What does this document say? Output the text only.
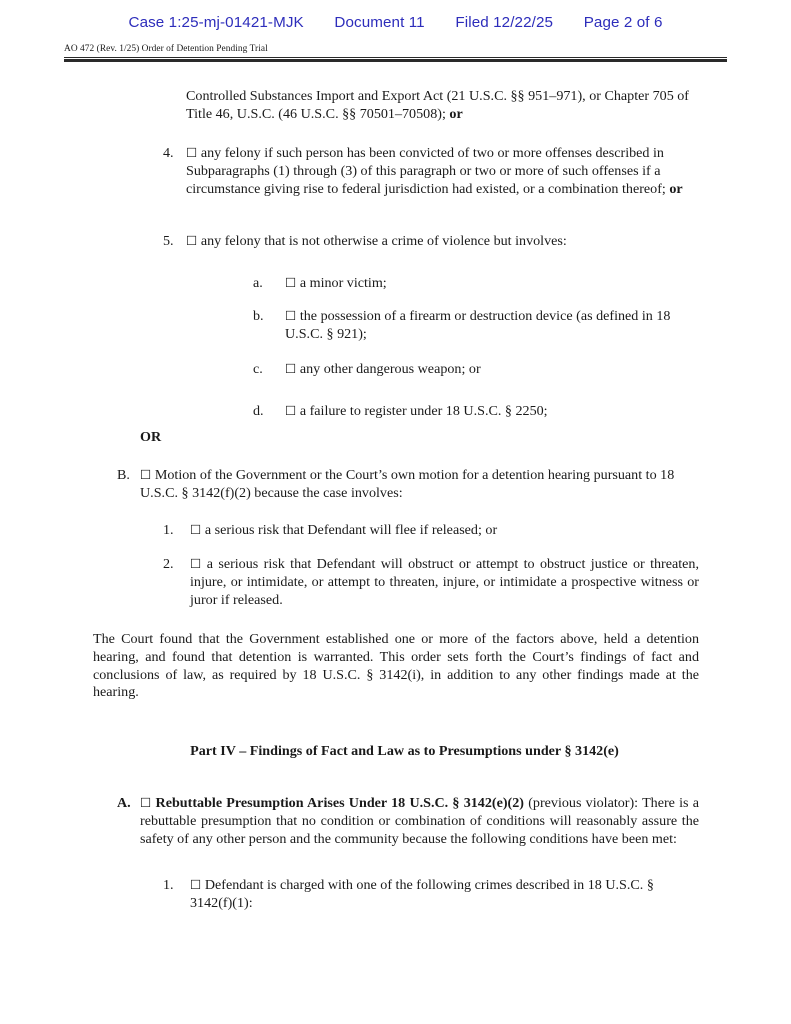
Case 1:25-mj-01421-MJK Document 11 Filed 12/22/25 Page 2 of 6
AO 472 (Rev. 1/25) Order of Detention Pending Trial
Controlled Substances Import and Export Act (21 U.S.C. §§ 951–971), or Chapter 705 of Title 46, U.S.C. (46 U.S.C. §§ 70501–70508); or
4. ☐ any felony if such person has been convicted of two or more offenses described in Subparagraphs (1) through (3) of this paragraph or two or more of such offenses if a circumstance giving rise to federal jurisdiction had existed, or a combination thereof; or
5. ☐ any felony that is not otherwise a crime of violence but involves:
a.	☐ a minor victim;
b.	☐ the possession of a firearm or destruction device (as defined in 18 U.S.C. § 921);
c.	☐ any other dangerous weapon; or
d.	☐ a failure to register under 18 U.S.C. § 2250;
OR
B. ☐ Motion of the Government or the Court’s own motion for a detention hearing pursuant to 18 U.S.C. § 3142(f)(2) because the case involves:
1.	☐ a serious risk that Defendant will flee if released; or
2.	☐ a serious risk that Defendant will obstruct or attempt to obstruct justice or threaten, injure, or intimidate, or attempt to threaten, injure, or intimidate a prospective witness or juror if released.
The Court found that the Government established one or more of the factors above, held a detention hearing, and found that detention is warranted. This order sets forth the Court’s findings of fact and conclusions of law, as required by 18 U.S.C. § 3142(i), in addition to any other findings made at the hearing.
Part IV – Findings of Fact and Law as to Presumptions under § 3142(e)
A. ☐ Rebuttable Presumption Arises Under 18 U.S.C. § 3142(e)(2) (previous violator): There is a rebuttable presumption that no condition or combination of conditions will reasonably assure the safety of any other person and the community because the following conditions have been met:
1.	☐ Defendant is charged with one of the following crimes described in 18 U.S.C. § 3142(f)(1):
